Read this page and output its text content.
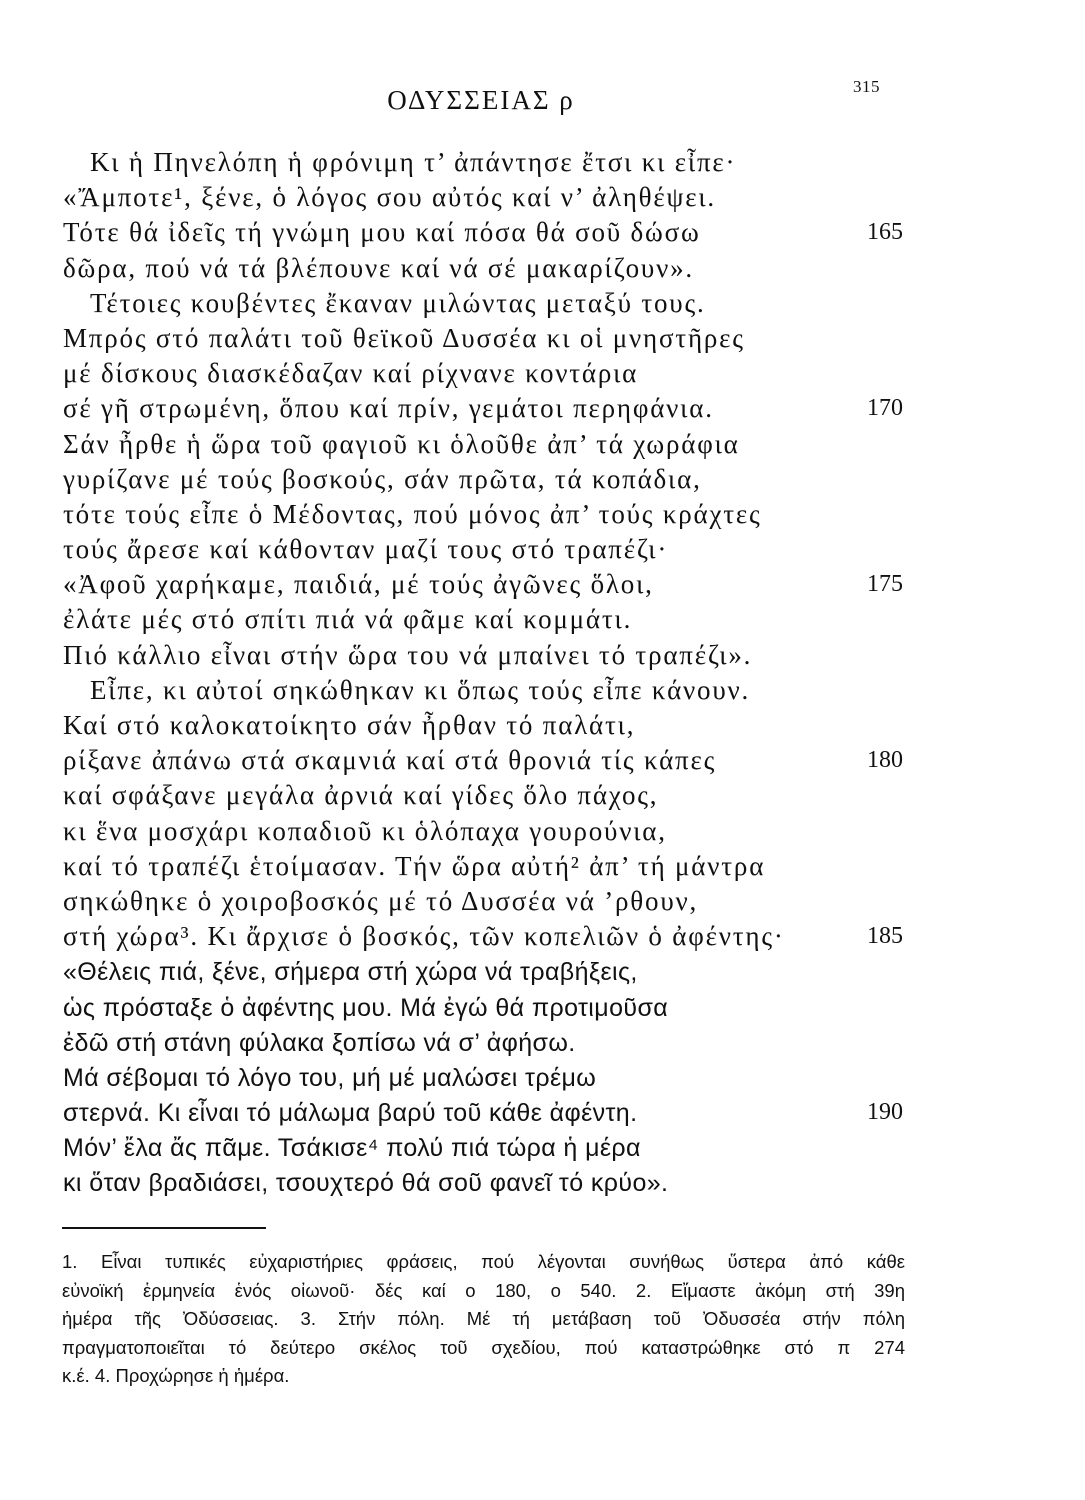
ΟΔΥΣΣΕΙΑΣ ρ	315
Κι ἡ Πηνελόπη ἡ φρόνιμη τ’ ἀπάντησε ἔτσι κι εἶπε·
«Ἄμποτε¹, ξένε, ὁ λόγος σου αὐτός καί ν’ ἀληθέψει.
Τότε θά ἰδεῖς τή γνώμη μου καί πόσα θά σοῦ δώσω	165
δῶρα, πού νά τά βλέπουνε καί νά σέ μακαρίζουν».
Τέτοιες κουβέντες ἔκαναν μιλώντας μεταξύ τους.
Μπρός στό παλάτι τοῦ θεϊκοῦ Δυσσέα κι οἱ μνηστῆρες
μέ δίσκους διασκέδαζαν καί ρίχνανε κοντάρια
σέ γῆ στρωμένη, ὅπου καί πρίν, γεμάτοι περηφάνια.	170
Σάν ἦρθε ἡ ὥρα τοῦ φαγιοῦ κι ὁλοῦθε ἀπ’ τά χωράφια
γυρίζανε μέ τούς βοσκούς, σάν πρῶτα, τά κοπάδια,
τότε τούς εἶπε ὁ Μέδοντας, πού μόνος ἀπ’ τούς κράχτες
τούς ἄρεσε καί κάθονταν μαζί τους στό τραπέζι·
«Ἀφοῦ χαρήκαμε, παιδιά, μέ τούς ἀγῶνες ὅλοι,	175
ἐλάτε μές στό σπίτι πιά νά φᾶμε καί κομμάτι.
Πιό κάλλιο εἶναι στήν ὥρα του νά μπαίνει τό τραπέζι».
Εἶπε, κι αὐτοί σηκώθηκαν κι ὅπως τούς εἶπε κάνουν.
Καί στό καλοκατοίκητο σάν ἦρθαν τό παλάτι,
ρίξανε ἀπάνω στά σκαμνιά καί στά θρονιά τίς κάπες	180
καί σφάξανε μεγάλα ἀρνιά καί γίδες ὅλο πάχος,
κι ἕνα μοσχάρι κοπαδιοῦ κι ὁλόπαχα γουρούνια,
καί τό τραπέζι ἑτοίμασαν. Τήν ὥρα αὐτή² ἀπ’ τή μάντρα
σηκώθηκε ὁ χοιροβοσκός μέ τό Δυσσέα νά ’ρθουν,
στή χώρα³. Κι ἄρχισε ὁ βοσκός, τῶν κοπελιῶν ὁ ἀφέντης·	185
«Θέλεις πιά, ξένε, σήμερα στή χώρα νά τραβήξεις,
ὡς πρόσταξε ὁ ἀφέντης μου. Μά ἐγώ θά προτιμοῦσα
ἐδῶ στή στάνη φύλακα ξοπίσω νά σ’ ἀφήσω.
Μά σέβομαι τό λόγο του, μή μέ μαλώσει τρέμω
στερνά. Κι εἶναι τό μάλωμα βαρύ τοῦ κάθε ἀφέντη.	190
Μόν’ ἔλα ἄς πᾶμε. Τσάκισε⁴ πολύ πιά τώρα ἡ μέρα
κι ὅταν βραδιάσει, τσουχτερό θά σοῦ φανεῖ τό κρύο».
1. Εἶναι τυπικές εὐχαριστήριες φράσεις, πού λέγονται συνήθως ὕστερα ἀπό κάθε
εὐνοϊκή ἑρμηνεία ἑνός οἰωνοῦ· δές καί ο 180, ο 540. 2. Εἴμαστε ἀκόμη στή 39η
ἡμέρα τῆς Ὀδύσσειας. 3. Στήν πόλη. Μέ τή μετάβαση τοῦ Ὀδυσσέα στήν πόλη
πραγματοποιεῖται τό δεύτερο σκέλος τοῦ σχεδίου, πού καταστρώθηκε στό π 274
κ.έ. 4. Προχώρησε ἡ ἡμέρα.
